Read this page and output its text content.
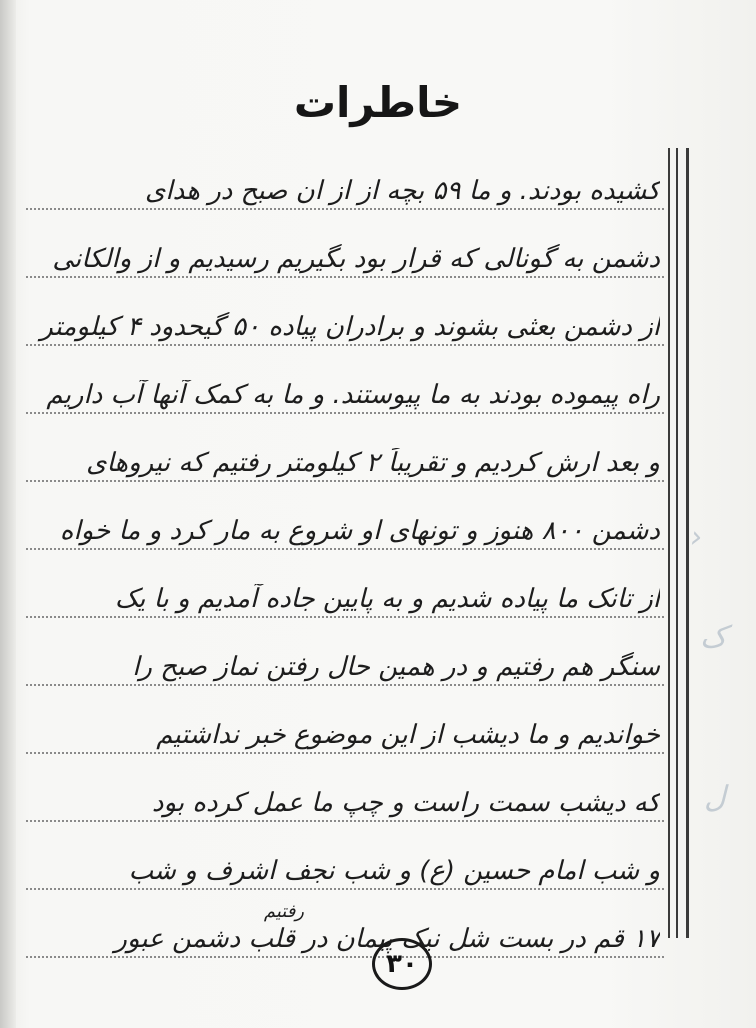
›
ک
ل
خاطرات
کشیده بودند. و ما ۵۹ بچه از از ان صبح در هدای
دشمن به گونالی که قرار بود بگیریم رسیدیم و از والکانی
از دشمن بعثی بشوند و برادران پیاده ۵۰ گیحدود ۴ کیلومتر
راه پیموده بودند به ما پیوستند. و ما به کمک آنها آب داریم
و بعد ارش کردیم و تقریباً ۲ کیلومتر رفتیم که نیروهای
دشمن ۸۰۰ هنوز و تونهای او شروع به مار کرد و ما خواه
از تانک ما پیاده شدیم و به پایین جاده آمدیم و با یک
سنگر هم رفتیم و در همین حال رفتن نماز صبح را
خواندیم و ما دیشب از این موضوع خبر نداشتیم
که دیشب سمت راست و چپ ما عمل کرده بود
و شب امام حسین (ع) و شب نجف اشرف و شب
رفتیم
۱۷ قم در بست شل نیک پیمان در قلب دشمن عبور
۳۰
